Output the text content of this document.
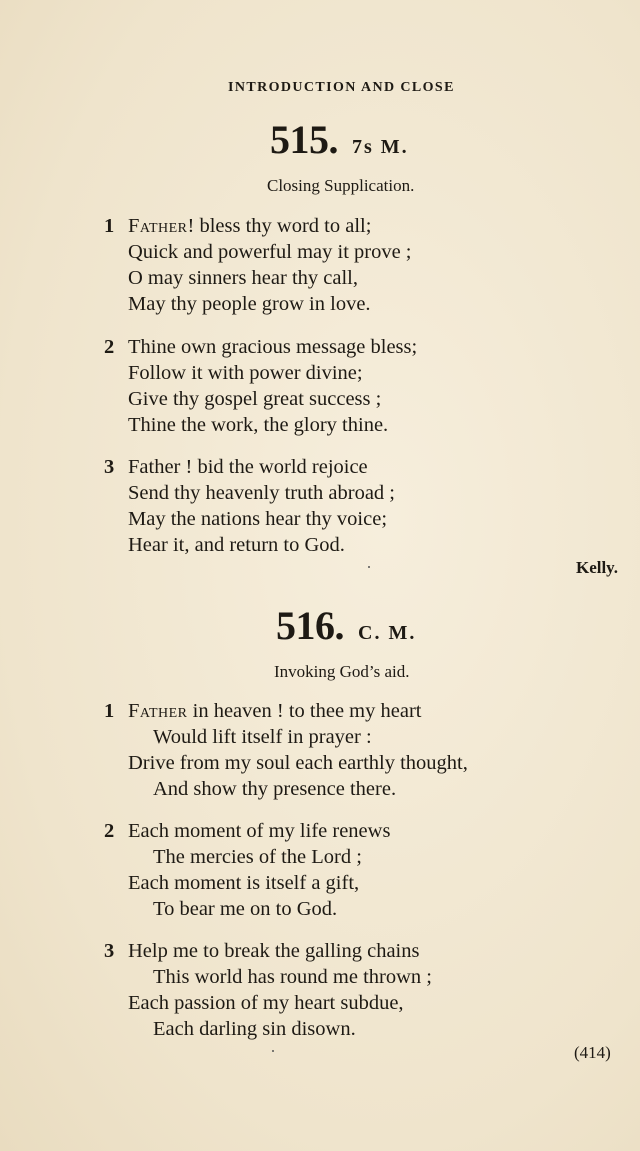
INTRODUCTION AND CLOSE
515. 7s M.
Closing Supplication.
1 Father! bless thy word to all;
Quick and powerful may it prove ;
O may sinners hear thy call,
May thy people grow in love.
2 Thine own gracious message bless;
Follow it with power divine;
Give thy gospel great success ;
Thine the work, the glory thine.
3 Father ! bid the world rejoice
Send thy heavenly truth abroad ;
May the nations hear thy voice;
Hear it, and return to God.
Kelly.
516. C. M.
Invoking God’s aid.
1 Father in heaven ! to thee my heart
Would lift itself in prayer :
Drive from my soul each earthly thought,
And show thy presence there.
2 Each moment of my life renews
The mercies of the Lord ;
Each moment is itself a gift,
To bear me on to God.
3 Help me to break the galling chains
This world has round me thrown ;
Each passion of my heart subdue,
Each darling sin disown.
(414)
